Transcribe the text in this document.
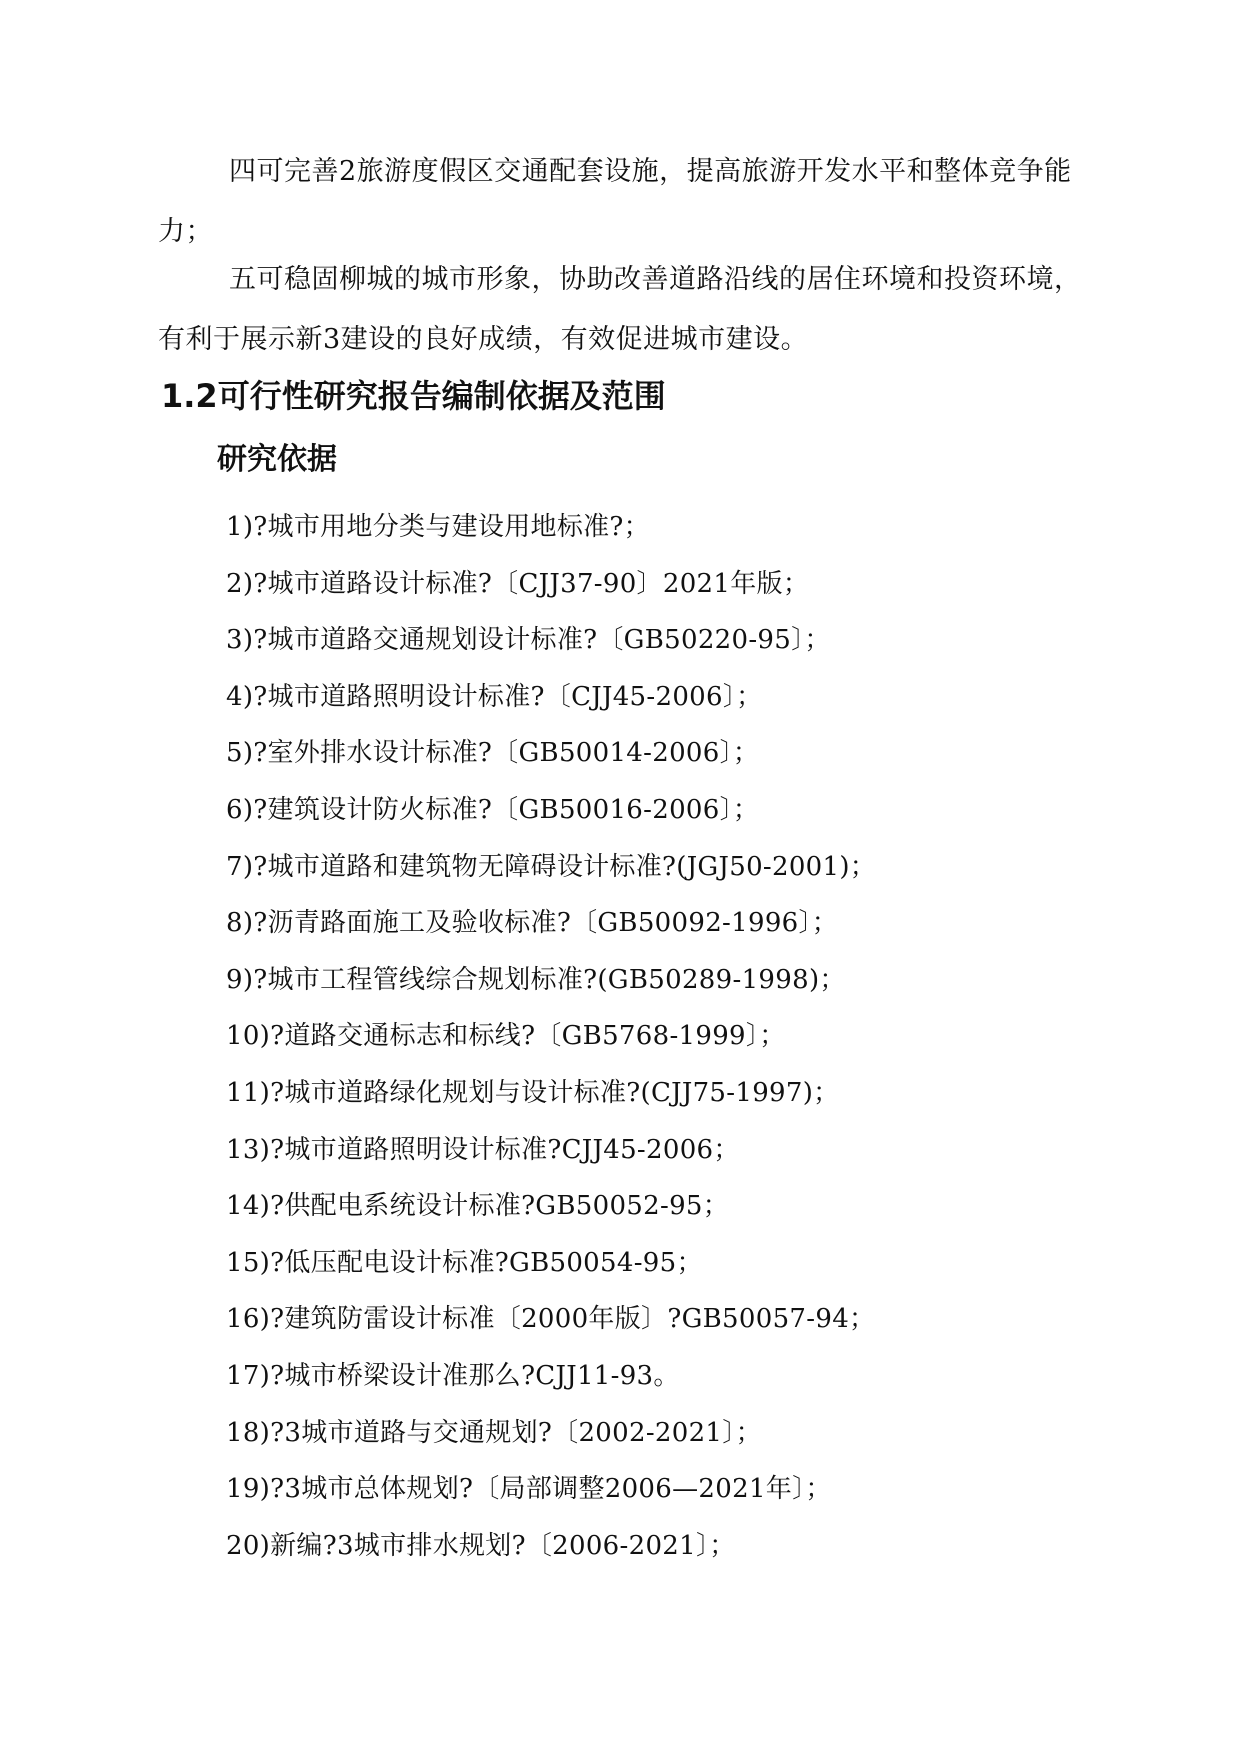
四可完善2旅游度假区交通配套设施，提高旅游开发水平和整体竞争能力；

五可稳固柳城的城市形象，协助改善道路沿线的居住环境和投资环境，有利于展示新3建设的良好成绩，有效促进城市建设。

1.2可行性研究报告编制依据及范围
研究依据
1)?城市用地分类与建设用地标准?；
2)?城市道路设计标准?〔CJJ37-90〕2021年版；
3)?城市道路交通规划设计标准?〔GB50220-95〕；
4)?城市道路照明设计标准?〔CJJ45-2006〕；
5)?室外排水设计标准?〔GB50014-2006〕；
6)?建筑设计防火标准?〔GB50016-2006〕；
7)?城市道路和建筑物无障碍设计标准?(JGJ50-2001)；
8)?沥青路面施工及验收标准?〔GB50092-1996〕；
9)?城市工程管线综合规划标准?(GB50289-1998)；
10)?道路交通标志和标线?〔GB5768-1999〕；
11)?城市道路绿化规划与设计标准?(CJJ75-1997)；
13)?城市道路照明设计标准?CJJ45-2006；
14)?供配电系统设计标准?GB50052-95；
15)?低压配电设计标准?GB50054-95；
16)?建筑防雷设计标准〔2000年版〕?GB50057-94；
17)?城市桥梁设计准那么?CJJ11-93。
18)?3城市道路与交通规划?〔2002-2021〕；
19)?3城市总体规划?〔局部调整2006—2021年〕；
20)新编?3城市排水规划?〔2006-2021〕；
